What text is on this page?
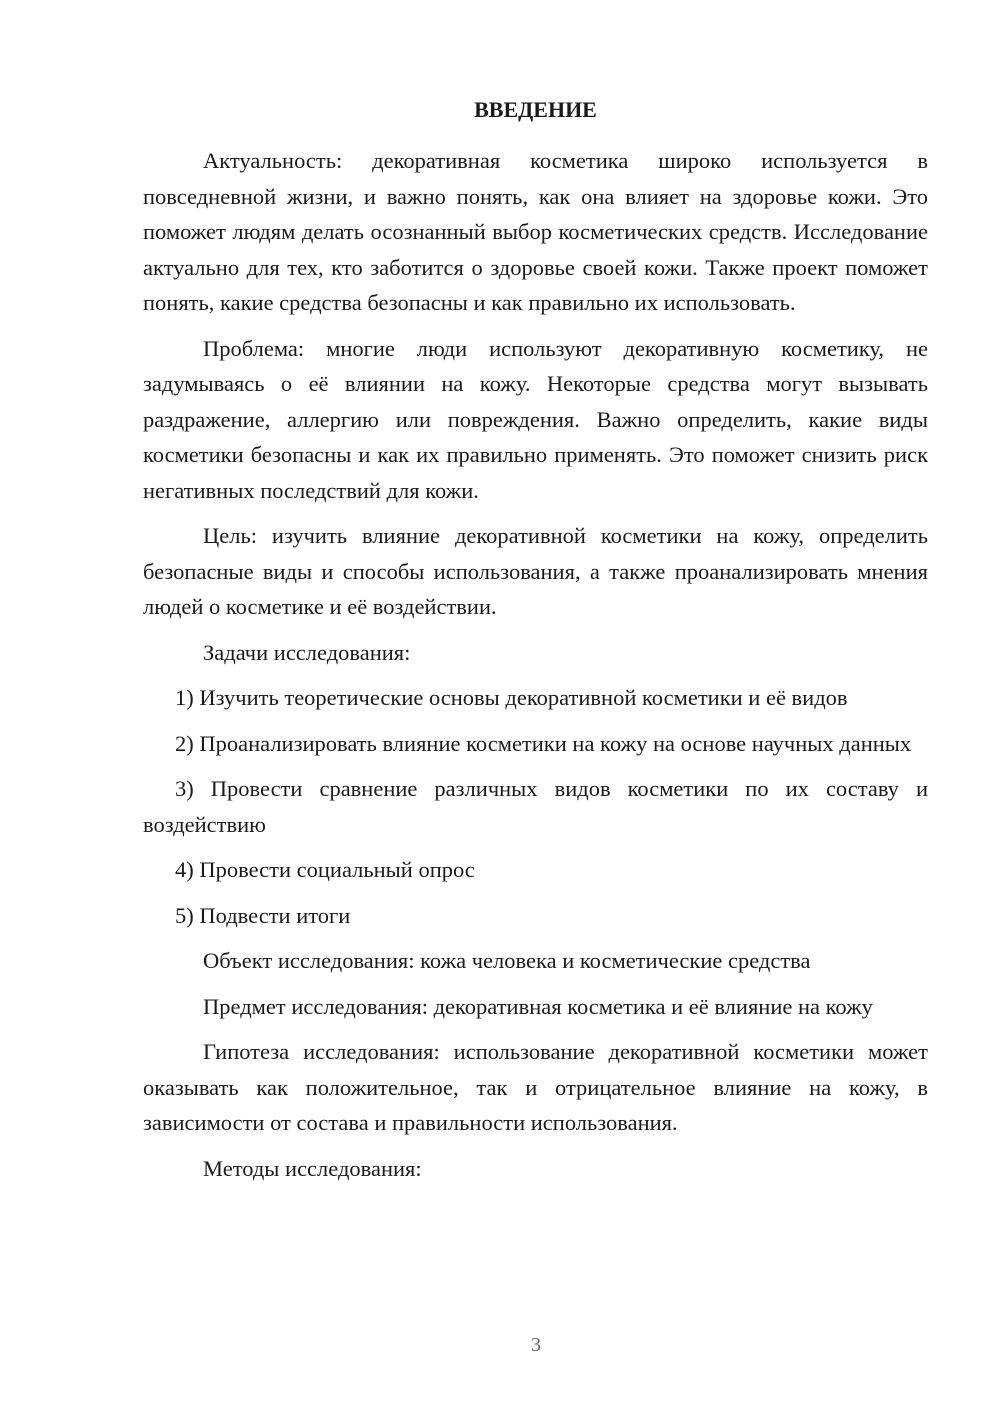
ВВЕДЕНИЕ

Актуальность: декоративная косметика широко используется в повседневной жизни, и важно понять, как она влияет на здоровье кожи. Это поможет людям делать осознанный выбор косметических средств. Исследование актуально для тех, кто заботится о здоровье своей кожи. Также проект поможет понять, какие средства безопасны и как правильно их использовать.

Проблема: многие люди используют декоративную косметику, не задумываясь о её влиянии на кожу. Некоторые средства могут вызывать раздражение, аллергию или повреждения. Важно определить, какие виды косметики безопасны и как их правильно применять. Это поможет снизить риск негативных последствий для кожи.

Цель: изучить влияние декоративной косметики на кожу, определить безопасные виды и способы использования, а также проанализировать мнения людей о косметике и её воздействии.

Задачи исследования:

1) Изучить теоретические основы декоративной косметики и её видов

2) Проанализировать влияние косметики на кожу на основе научных данных

3) Провести сравнение различных видов косметики по их составу и воздействию

4) Провести социальный опрос

5) Подвести итоги

Объект исследования: кожа человека и косметические средства

Предмет исследования: декоративная косметика и её влияние на кожу

Гипотеза исследования: использование декоративной косметики может оказывать как положительное, так и отрицательное влияние на кожу, в зависимости от состава и правильности использования.

Методы исследования:

3
